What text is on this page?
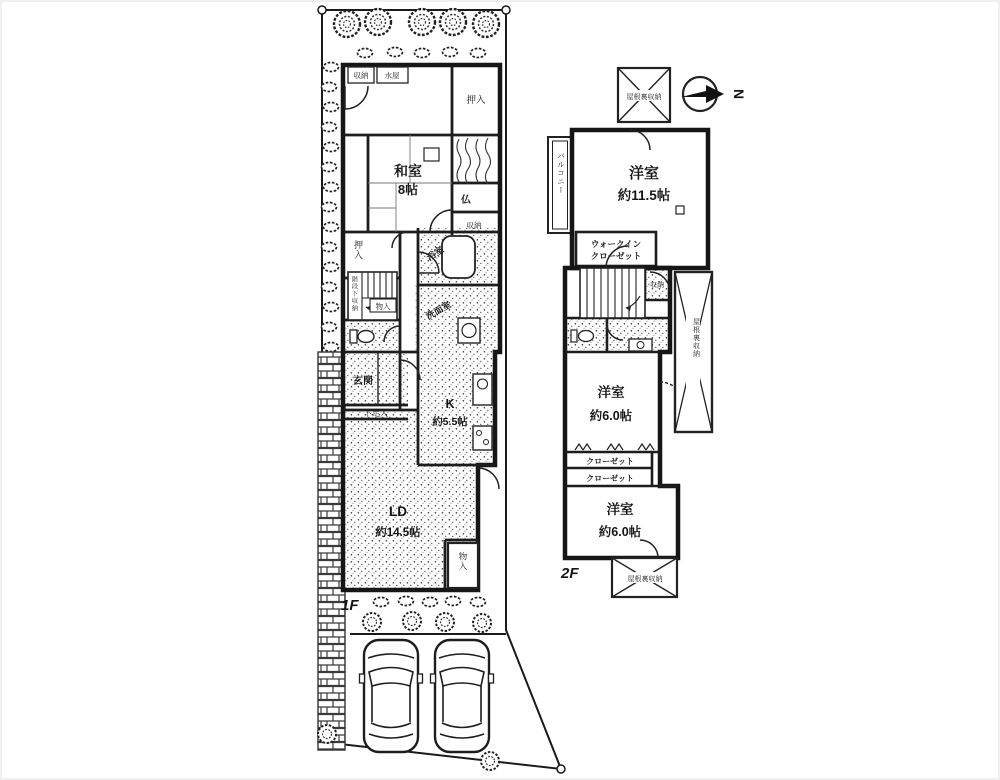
収納 水屋
押入
和室
8帖
仏
収納
押入
階段下収納 物入
玄関
下足入
浴室
洗面室
K
約5.5帖
LD
約14.5帖
物入
1F
屋根裏収納	N
バルコニー	洋室
約11.5帖
ウォークイン
クローゼット
収納
洋室
約6.0帖
クローゼット
クローゼット
洋室
約6.0帖
屋根裏収納
屋根裏収納
2F
